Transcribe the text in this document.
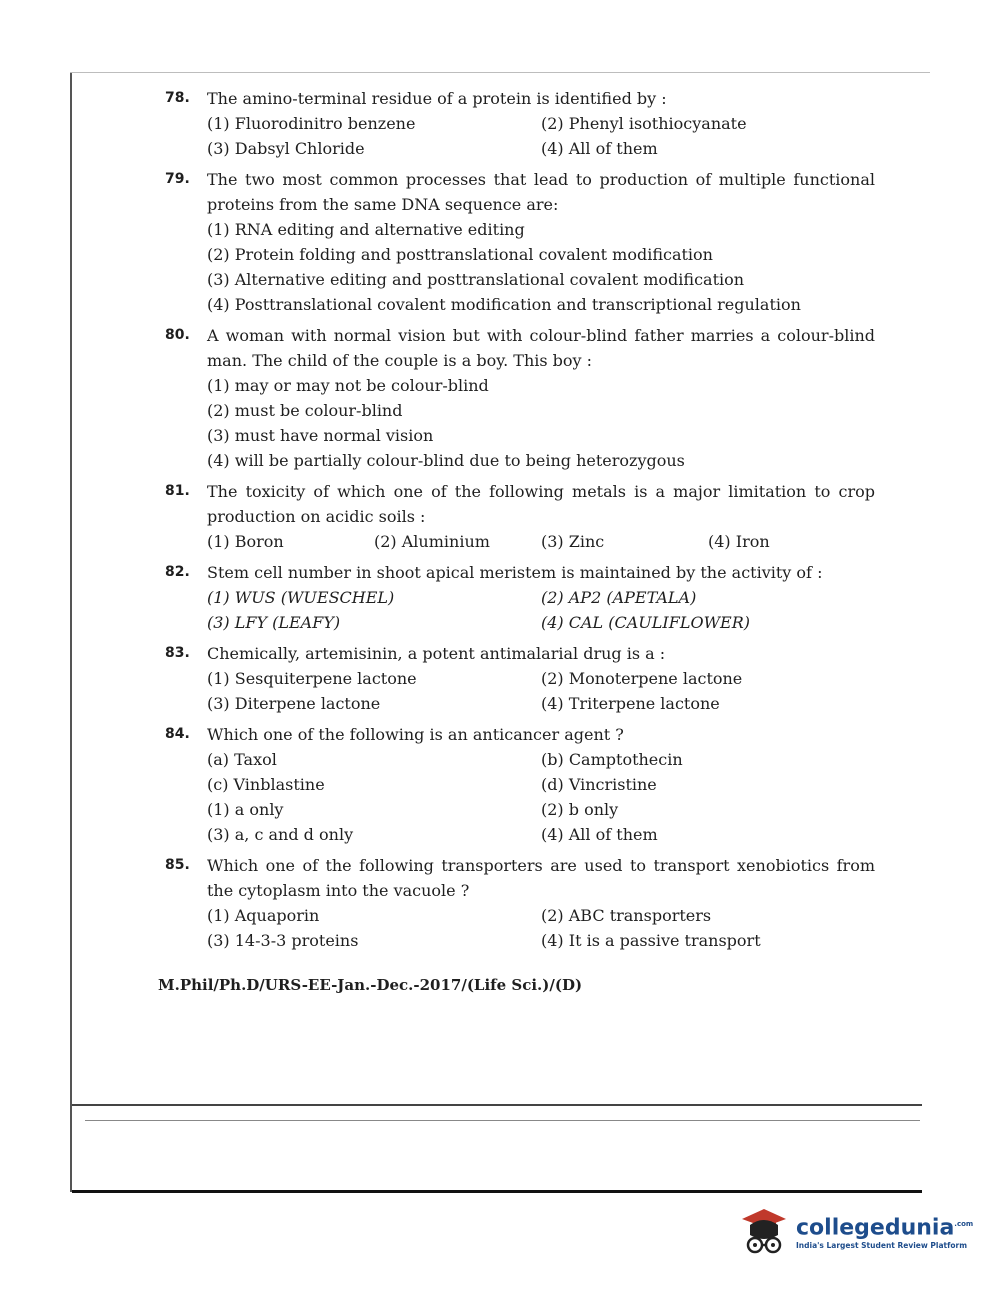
78.	The amino-terminal residue of a protein is identified by :
(1) Fluorodinitro benzene	(2) Phenyl isothiocyanate
(3) Dabsyl Chloride	(4) All of them
79.	The two most common processes that lead to production of multiple functional proteins from the same DNA sequence are:
(1) RNA editing and alternative editing
(2) Protein folding and posttranslational covalent modification
(3) Alternative editing and posttranslational covalent modification
(4) Posttranslational covalent modification and transcriptional regulation
80.	A woman with normal vision but with colour-blind father marries a colour-blind man. The child of the couple is a boy. This boy :
(1) may or may not be colour-blind
(2) must be colour-blind
(3) must have normal vision
(4) will be partially colour-blind due to being heterozygous
81.	The toxicity of which one of the following metals is a major limitation to crop production on acidic soils :
(1) Boron	(2) Aluminium	(3) Zinc	(4) Iron
82.	Stem cell number in shoot apical meristem is maintained by the activity of :
(1) WUS (WUESCHEL)	(2) AP2 (APETALA)
(3) LFY (LEAFY)	(4) CAL (CAULIFLOWER)
83.	Chemically, artemisinin, a potent antimalarial drug is a :
(1) Sesquiterpene lactone	(2) Monoterpene lactone
(3) Diterpene lactone	(4) Triterpene lactone
84.	Which one of the following is an anticancer agent ?
(a) Taxol	(b) Camptothecin
(c) Vinblastine	(d) Vincristine
(1) a only	(2) b only
(3) a, c and d only	(4) All of them
85.	Which one of the following transporters are used to transport xenobiotics from the cytoplasm into the vacuole ?
(1) Aquaporin	(2) ABC transporters
(3) 14-3-3 proteins	(4) It is a passive transport
M.Phil/Ph.D/URS-EE-Jan.-Dec.-2017/(Life Sci.)/(D)
collegedunia$^{.com}$
India's Largest Student Review Platform
